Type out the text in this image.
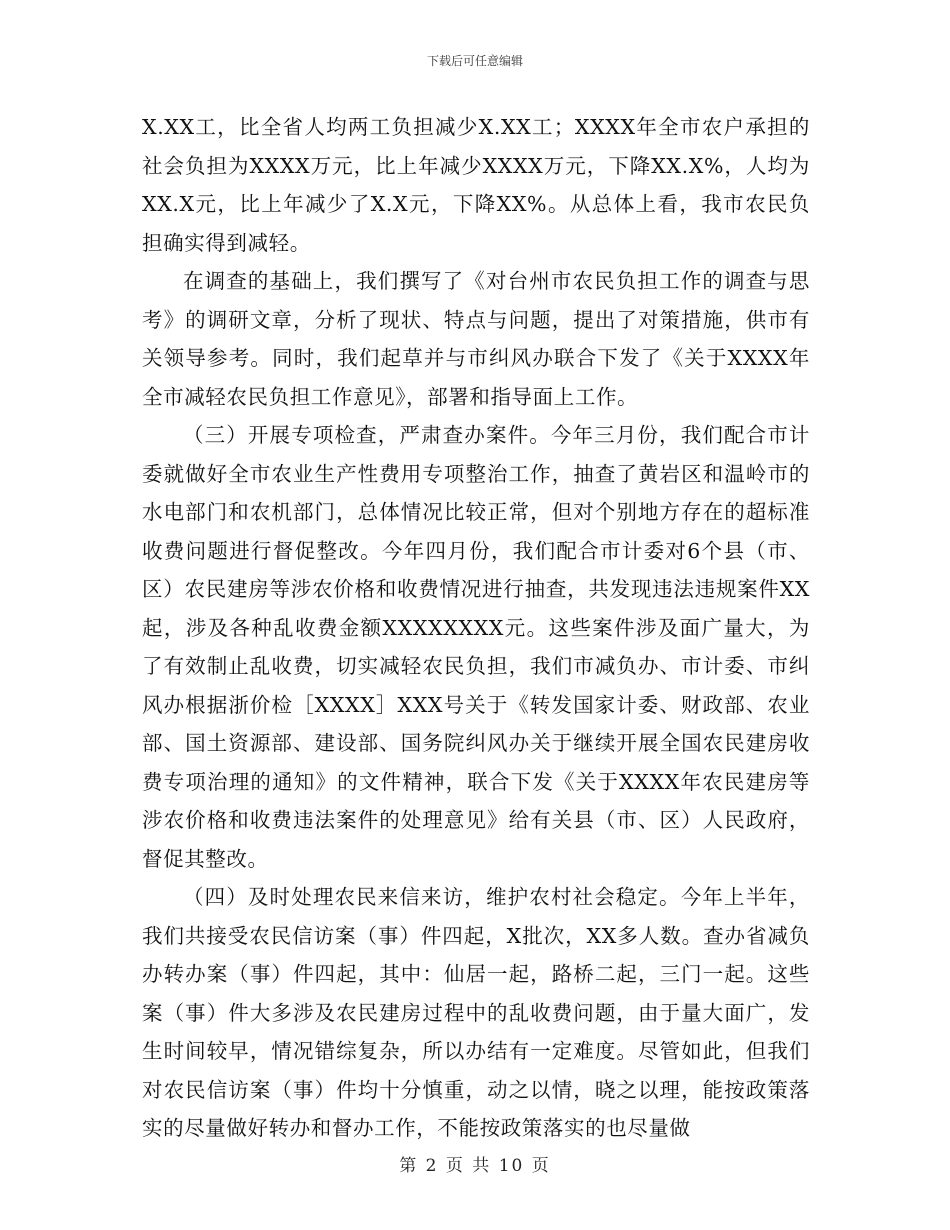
下载后可任意编辑

X.XX工，比全省人均两工负担减少X.XX工；XXXX年全市农户承担的社会负担为XXXX万元，比上年减少XXXX万元，下降XX.X%，人均为XX.X元，比上年减少了X.X元，下降XX%。从总体上看，我市农民负担确实得到减轻。

在调查的基础上，我们撰写了《对台州市农民负担工作的调查与思考》的调研文章，分析了现状、特点与问题，提出了对策措施，供市有关领导参考。同时，我们起草并与市纠风办联合下发了《关于XXXX年全市减轻农民负担工作意见》，部署和指导面上工作。

（三）开展专项检查，严肃查办案件。今年三月份，我们配合市计委就做好全市农业生产性费用专项整治工作，抽查了黄岩区和温岭市的水电部门和农机部门，总体情况比较正常，但对个别地方存在的超标准收费问题进行督促整改。今年四月份，我们配合市计委对6个县（市、区）农民建房等涉农价格和收费情况进行抽查，共发现违法违规案件XX起，涉及各种乱收费金额XXXXXXXX元。这些案件涉及面广量大，为了有效制止乱收费，切实减轻农民负担，我们市减负办、市计委、市纠风办根据浙价检［XXXX］XXX号关于《转发国家计委、财政部、农业部、国土资源部、建设部、国务院纠风办关于继续开展全国农民建房收费专项治理的通知》的文件精神，联合下发《关于XXXX年农民建房等涉农价格和收费违法案件的处理意见》给有关县（市、区）人民政府，督促其整改。

（四）及时处理农民来信来访，维护农村社会稳定。今年上半年，我们共接受农民信访案（事）件四起，X批次，XX多人数。查办省减负办转办案（事）件四起，其中：仙居一起，路桥二起，三门一起。这些案（事）件大多涉及农民建房过程中的乱收费问题，由于量大面广，发生时间较早，情况错综复杂，所以办结有一定难度。尽管如此，但我们对农民信访案（事）件均十分慎重，动之以情，晓之以理，能按政策落实的尽量做好转办和督办工作，不能按政策落实的也尽量做

第 2 页 共 10 页
